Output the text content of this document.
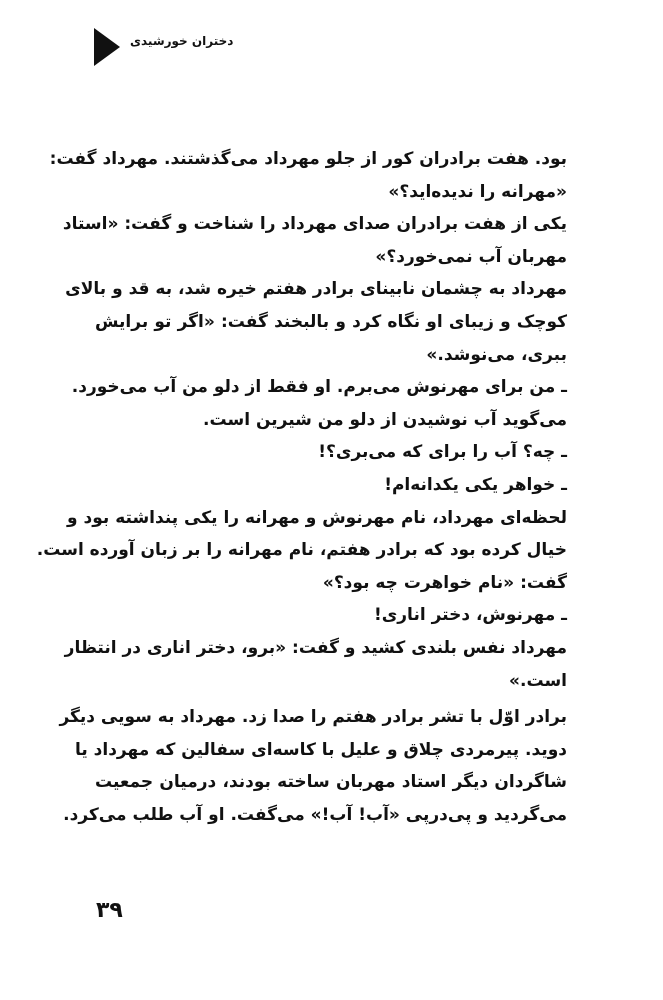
دختران خورشیدی
بود. هفت برادران کور از جلو مهرداد می‌گذشتند. مهرداد گفت:
«مهرانه را ندیده‌اید؟»
یکی از هفت برادران صدای مهرداد را شناخت و گفت: «استاد
مهربان آب نمی‌خورد؟»
مهرداد به چشمان نابینای برادر هفتم خیره شد، به قد و بالای
کوچک و زیبای او نگاه کرد و بالبخند گفت: «اگر تو برایش
ببری، می‌نوشد.»
ـ من برای مهرنوش می‌برم. او فقط از دلو من آب می‌خورد.
می‌گوید آب نوشیدن از دلو من شیرین است.
ـ چه؟ آب را برای که می‌بری؟!
ـ خواهر یکی یکدانه‌ام!
لحظه‌ای مهرداد، نام مهرنوش و مهرانه را یکی پنداشته بود و
خیال کرده بود که برادر هفتم، نام مهرانه را بر زبان آورده است.
گفت: «نام خواهرت چه بود؟»
ـ مهرنوش، دختر اناری!
مهرداد نفس بلندی کشید و گفت: «برو، دختر اناری در انتظار
است.»
برادر اوّل با تشر برادر هفتم را صدا زد. مهرداد به سویی دیگر
دوید. پیرمردی چلاق و علیل با کاسه‌ای سفالین که مهرداد یا
شاگردان دیگر استاد مهربان ساخته بودند، درمیان جمعیت
می‌گردید و پی‌درپی «آب! آب!» می‌گفت. او آب طلب می‌کرد.
۳۹
